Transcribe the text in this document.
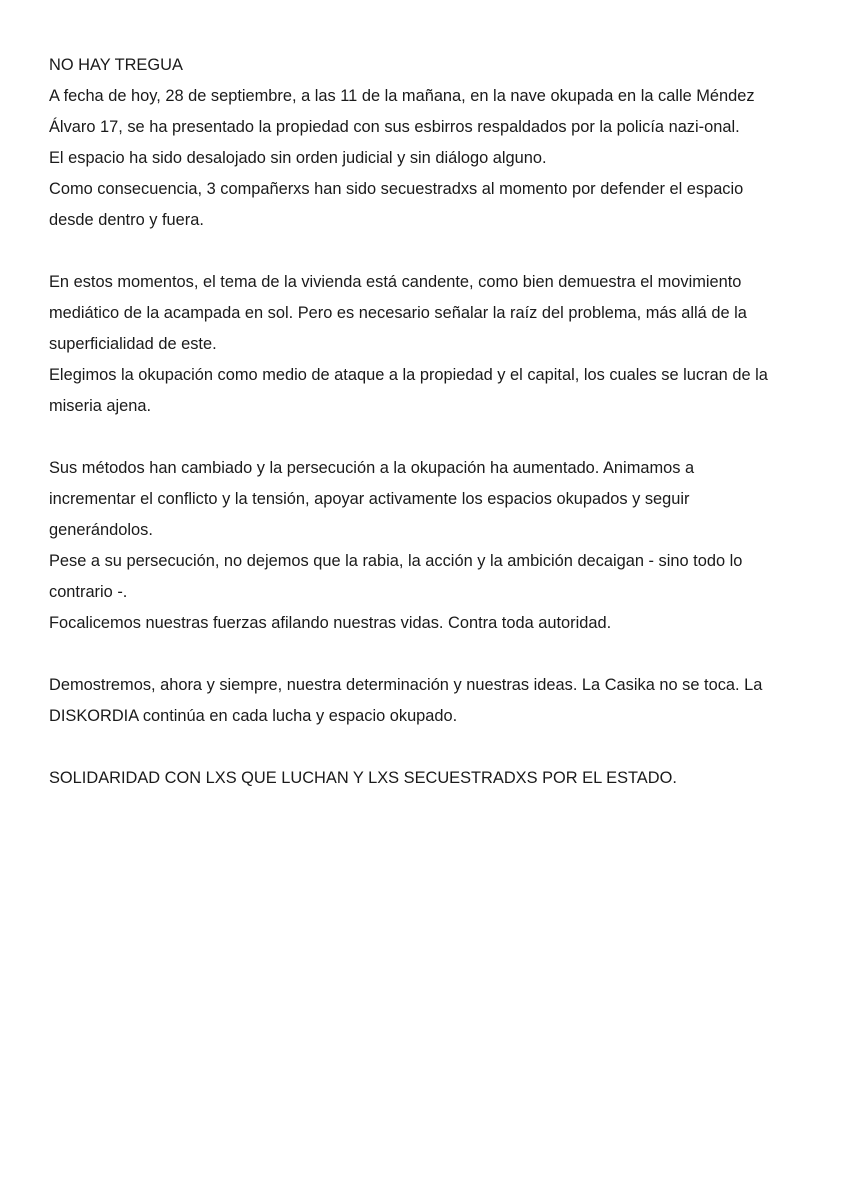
NO HAY TREGUA
A fecha de hoy, 28 de septiembre, a las 11 de la mañana, en la nave okupada en la calle Méndez
Álvaro 17, se ha presentado la propiedad con sus esbirros respaldados por la policía nazi-onal.
El espacio ha sido desalojado sin orden judicial y sin diálogo alguno.
Como consecuencia, 3 compañerxs han sido secuestradxs al momento por defender el espacio
desde dentro y fuera.
En estos momentos, el tema de la vivienda está candente, como bien demuestra el movimiento
mediático de la acampada en sol. Pero es necesario señalar la raíz del problema, más allá de la
superficialidad de este.
Elegimos la okupación como medio de ataque a la propiedad y el capital, los cuales se lucran de la
miseria ajena.
Sus métodos han cambiado y la persecución a la okupación ha aumentado. Animamos a
incrementar el conflicto y la tensión, apoyar activamente los espacios okupados y seguir
generándolos.
Pese a su persecución, no dejemos que la rabia, la acción y la ambición decaigan - sino todo lo
contrario -.
Focalicemos nuestras fuerzas afilando nuestras vidas. Contra toda autoridad.
Demostremos, ahora y siempre, nuestra determinación y nuestras ideas. La Casika no se toca. La
DISKORDIA continúa en cada lucha y espacio okupado.
SOLIDARIDAD CON LXS QUE LUCHAN Y LXS SECUESTRADXS POR EL ESTADO.
